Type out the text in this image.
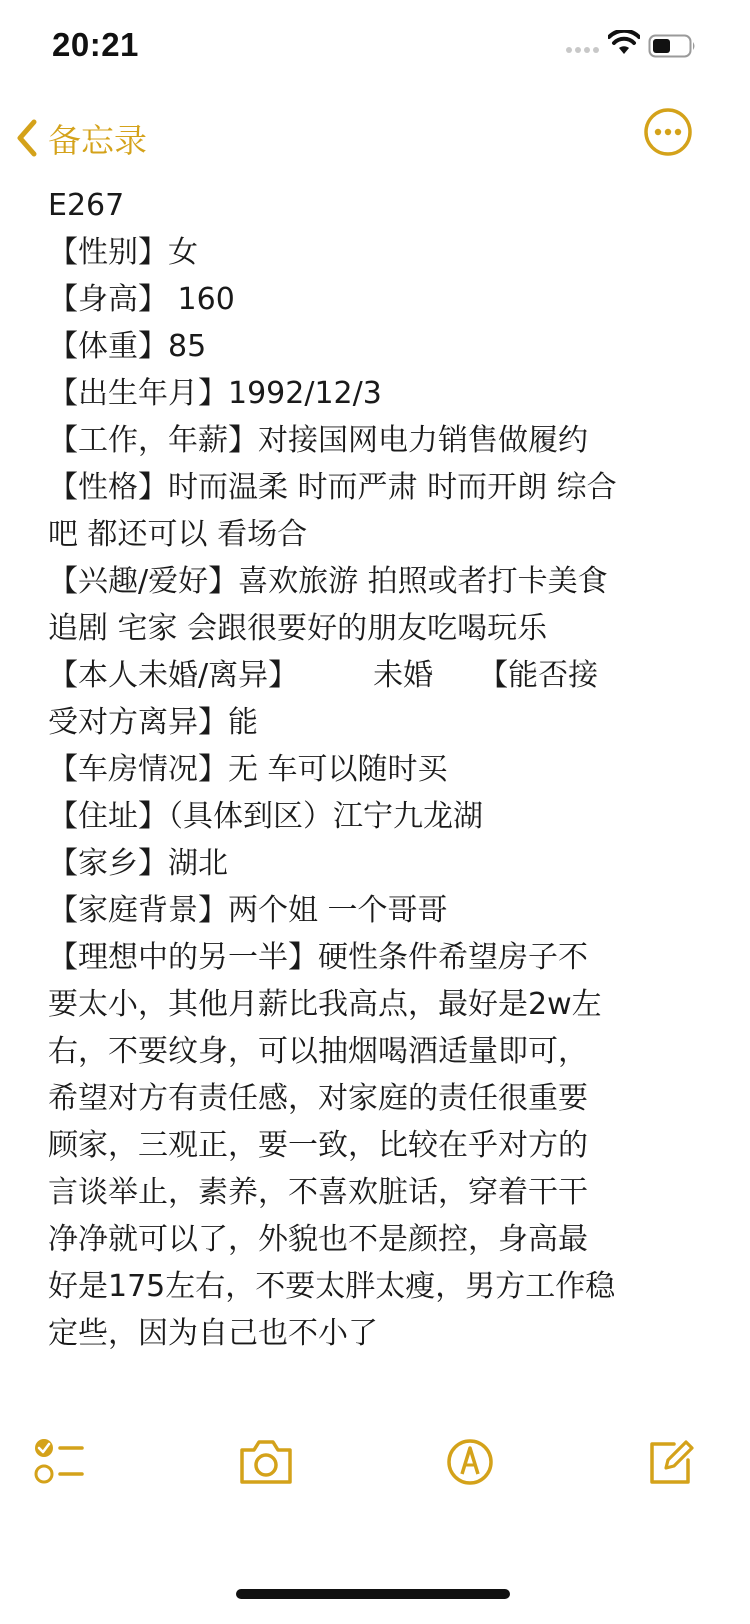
20:21
备忘录
E267
【性别】女
【身高】 160
【体重】85
【出生年月】1992/12/3
【工作，年薪】对接国网电力销售做履约
【性格】时而温柔 时而严肃 时而开朗 综合
吧 都还可以 看场合
【兴趣/爱好】喜欢旅游 拍照或者打卡美食
追剧 宅家 会跟很要好的朋友吃喝玩乐
【本人未婚/离异】　　　未婚　　【能否接
受对方离异】能
【车房情况】无 车可以随时买
【住址】（具体到区）江宁九龙湖
【家乡】湖北
【家庭背景】两个姐 一个哥哥
【理想中的另一半】硬性条件希望房子不
要太小，其他月薪比我高点，最好是2w左
右，不要纹身，可以抽烟喝酒适量即可，
希望对方有责任感，对家庭的责任很重要
顾家，三观正，要一致，比较在乎对方的
言谈举止，素养，不喜欢脏话，穿着干干
净净就可以了，外貌也不是颜控，身高最
好是175左右，不要太胖太瘦，男方工作稳
定些，因为自己也不小了
